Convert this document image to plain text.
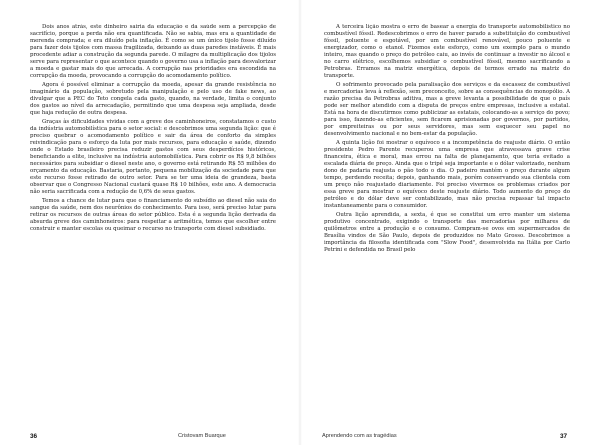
Dois anos atrás, este dinheiro sairia da educação e da saúde sem a percepção de sacrifício, porque a perda não era quantificada. Não se sabia, mas era a quantidade de merenda comprada; e era diluído pela inflação. É como se um único tijolo fosse diluído para fazer dois tijolos com massa fragilizada, deixando as duas paredes instáveis. É mais procedente adiar a construção da segunda parede. O milagre da multiplicação dos tijolos serve para representar o que acontece quando o governo usa a inflação para desvalorizar a moeda e gastar mais do que arrecada. A corrupção nas prioridades era escondida na corrupção da moeda, provocando a corrupção do acomodamento político.

Agora é possível eliminar a corrupção da moeda, apesar da grande resistência no imaginário da população, sobretudo pela manipulação e pelo uso de fake news, ao divulgar que a PEC do Teto congela cada gasto, quando, na verdade, limita o conjunto dos gastos ao nível da arrecadação, permitindo que uma despesa seja ampliada, desde que haja redução de outra despesa.

Graças às dificuldades vividas com a greve dos caminhoneiros, constatamos o custo da indústria automobilística para o setor social: e descobrimos uma segunda lição: que é preciso quebrar o acomodamento político e sair da área de conforto da simples reivindicação para o esforço da luta por mais recursos, para educação e saúde, dizendo onde o Estado brasileiro precisa reduzir gastos com seus desperdícios históricos, beneficiando a elite, inclusive na indústria automobilística. Para cobrir os R$ 9,8 bilhões necessários para subsidiar o diesel neste ano, o governo está retirando R$ 55 milhões do orçamento da educação. Bastaria, portanto, pequena mobilização da sociedade para que este recurso fosse retirado de outro setor. Para se ter uma ideia de grandeza, basta observar que o Congresso Nacional custará quase R$ 10 bilhões, este ano. A democracia não seria sacrificada com a redução de 0,6% de seus gastos.

Temos a chance de lutar para que o financiamento do subsídio ao diesel não saia do sangue da saúde, nem dos neurônios do conhecimento. Para isso, será preciso lutar para retirar os recursos de outras áreas do setor público. Esta é a segunda lição derivada da absurda greve dos caminhoneiros: para respeitar a aritmética, temos que escolher entre construir e manter escolas ou queimar o recurso no transporte com diesel subsidiado.

A terceira lição mostra o erro de basear a energia do transporte automobilístico no combustível fóssil. Redescobrimos o erro de haver parado a substituição do combustível fóssil, poluente e esgotável, por um combustível renovável, pouco poluente e energizador, como o etanol. Fizemos este esforço, como um exemplo para o mundo inteiro, mas quando o preço do petróleo caiu, ao invés de continuar a investir no álcool e no carro elétrico, escolhemos subsidiar o combustível fóssil, mesmo sacrificando a Petrobras. Erramos na matriz energética, depois de termos errado na matriz do transporte.

O sofrimento provocado pela paralisação dos serviços e da escassez de combustível e mercadorias leva à reflexão, sem preconceito, sobre as consequências do monopólio. A razão precisa da Petrobras aditiva, mas a greve levanta a possibilidade de que o país pode ser melhor atendido com a disputa de preços entre empresas, inclusive a estatal. Está na hora de discutirmos como publicizar as estatais, colocando-as a serviço do povo; para isso, fazendo-as eficientes, sem ficarem aprisionadas por governos, por partidos, por empreiteiras ou por seus servidores, mas sem esquecer seu papel no desenvolvimento nacional e no bem-estar da população.

A quinta lição foi mostrar o equívoco e a incompetência do reajuste diário. O então presidente Pedro Parente recuperou uma empresa que atravessava grave crise financeira, ética e moral, mas errou na falta de planejamento, que teria evitado a escalada diária de preço. Ainda que o tripé seja importante e o dólar valorizado, nenhum dono de padaria reajusta o pão todo o dia. O padeiro mantém o preço durante algum tempo, perdendo receita; depois, ganhando mais, porém conservando sua clientela com um preço não reajustado diariamente. Foi preciso vivermos os problemas criados por essa greve para mostrar o equívoco deste reajuste diário. Todo aumento do preço do petróleo e do dólar deve ser contabilizado, mas não precisa repassar tal impacto instantaneamente para o consumidor.

Outra lição aprendida, a sexta, é que se constitui um erro manter um sistema produtivo concentrado, exigindo o transporte das mercadorias por milhares de quilômetros entre a produção e o consumo. Compram-se ovos em supermercados de Brasília vindos de São Paulo, depois de produzidos no Mato Grosso. Descobrimos a importância da filosofia identificada com "Slow Food", desenvolvida na Itália por Carlo Petrini e defendida no Brasil pelo

36	Cristovam Buarque	Aprendendo com as tragédias	37
